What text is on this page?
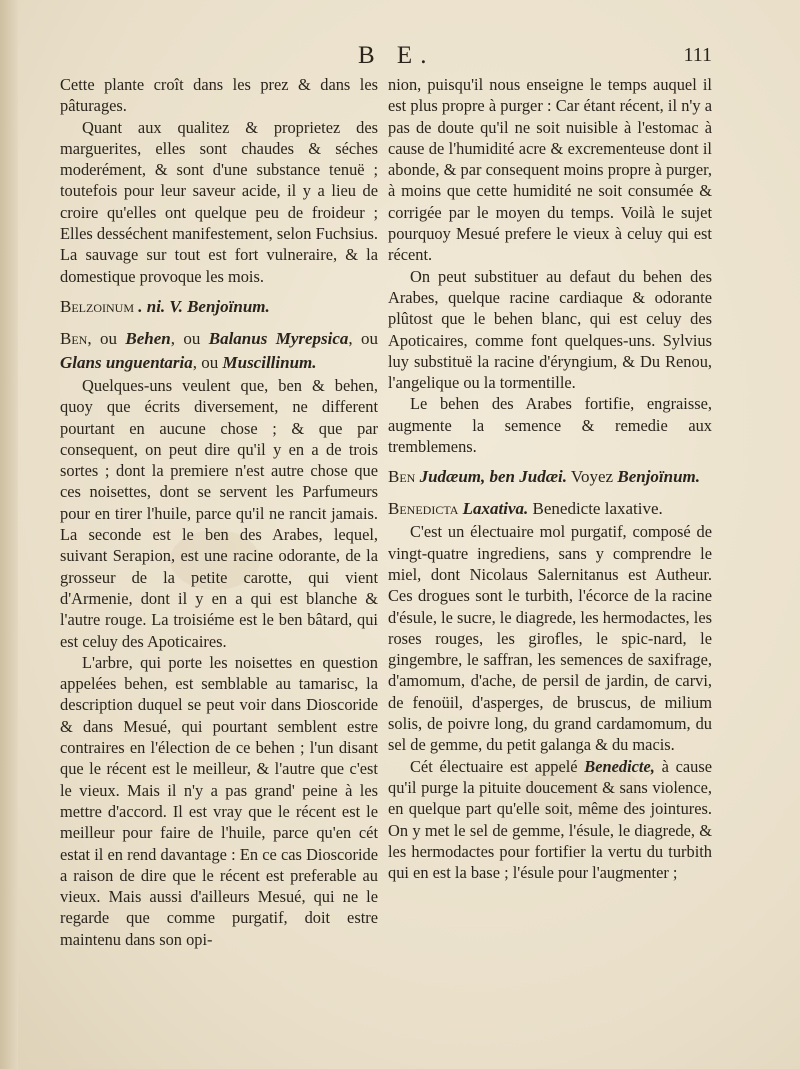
B E.	111

Cette plante croît dans les prez & dans les pâturages.

Quant aux qualitez & proprietez des marguerites, elles sont chaudes & séches moderément, & sont d'une substance tenuë ; toutefois pour leur saveur acide, il y a lieu de croire qu'elles ont quelque peu de froideur ; Elles desséchent manifestement, selon Fuchsius. La sauvage sur tout est fort vulneraire, & la domestique provoque les mois.

Belzoinum . ni. V. Benjoïnum.

Ben, ou Behen, ou Balanus Myrepsica, ou Glans unguentaria, ou Muscillinum.

Quelques-uns veulent que, ben & behen, quoy que écrits diversement, ne different pourtant en aucune chose ; & que par consequent, on peut dire qu'il y en a de trois sortes ; dont la premiere n'est autre chose que ces noisettes, dont se servent les Parfumeurs pour en tirer l'huile, parce qu'il ne rancit jamais. La seconde est le ben des Arabes, lequel, suivant Serapion, est une racine odorante, de la grosseur de la petite carotte, qui vient d'Armenie, dont il y en a qui est blanche & l'autre rouge. La troisiéme est le ben bâtard, qui est celuy des Apoticaires.

L'arbre, qui porte les noisettes en question appelées behen, est semblable au tamarisc, la description duquel se peut voir dans Dioscoride & dans Mesué, qui pourtant semblent estre contraires en l'élection de ce behen ; l'un disant que le récent est le meilleur, & l'autre que c'est le vieux. Mais il n'y a pas grand' peine à les mettre d'accord. Il est vray que le récent est le meilleur pour faire de l'huile, parce qu'en cét estat il en rend davantage : En ce cas Dioscoride a raison de dire que le récent est preferable au vieux. Mais aussi d'ailleurs Mesué, qui ne le regarde que comme purgatif, doit estre maintenu dans son opi-

nion, puisqu'il nous enseigne le temps auquel il est plus propre à purger : Car étant récent, il n'y a pas de doute qu'il ne soit nuisible à l'estomac à cause de l'humidité acre & excrementeuse dont il abonde, & par consequent moins propre à purger, à moins que cette humidité ne soit consumée & corrigée par le moyen du temps. Voilà le sujet pourquoy Mesué prefere le vieux à celuy qui est récent.

On peut substituer au defaut du behen des Arabes, quelque racine cardiaque & odorante plûtost que le behen blanc, qui est celuy des Apoticaires, comme font quelques-uns. Sylvius luy substituë la racine d'éryngium, & Du Renou, l'angelique ou la tormentille.

Le behen des Arabes fortifie, engraisse, augmente la semence & remedie aux tremblemens.

Ben Judæum, ben Judæi. Voyez Benjoïnum.

Benedicta Laxativa. Benedicte laxative.

C'est un électuaire mol purgatif, composé de vingt-quatre ingrediens, sans y comprendre le miel, dont Nicolaus Salernitanus est Autheur. Ces drogues sont le turbith, l'écorce de la racine d'ésule, le sucre, le diagrede, les hermodactes, les roses rouges, les girofles, le spic-nard, le gingembre, le saffran, les semences de saxifrage, d'amomum, d'ache, de persil de jardin, de carvi, de fenoüil, d'asperges, de bruscus, de milium solis, de poivre long, du grand cardamomum, du sel de gemme, du petit galanga & du macis.

Cét électuaire est appelé Benedicte, à cause qu'il purge la pituite doucement & sans violence, en quelque part qu'elle soit, même des jointures. On y met le sel de gemme, l'ésule, le diagrede, & les hermodactes pour fortifier la vertu du turbith qui en est la base ; l'ésule pour l'augmenter ;
